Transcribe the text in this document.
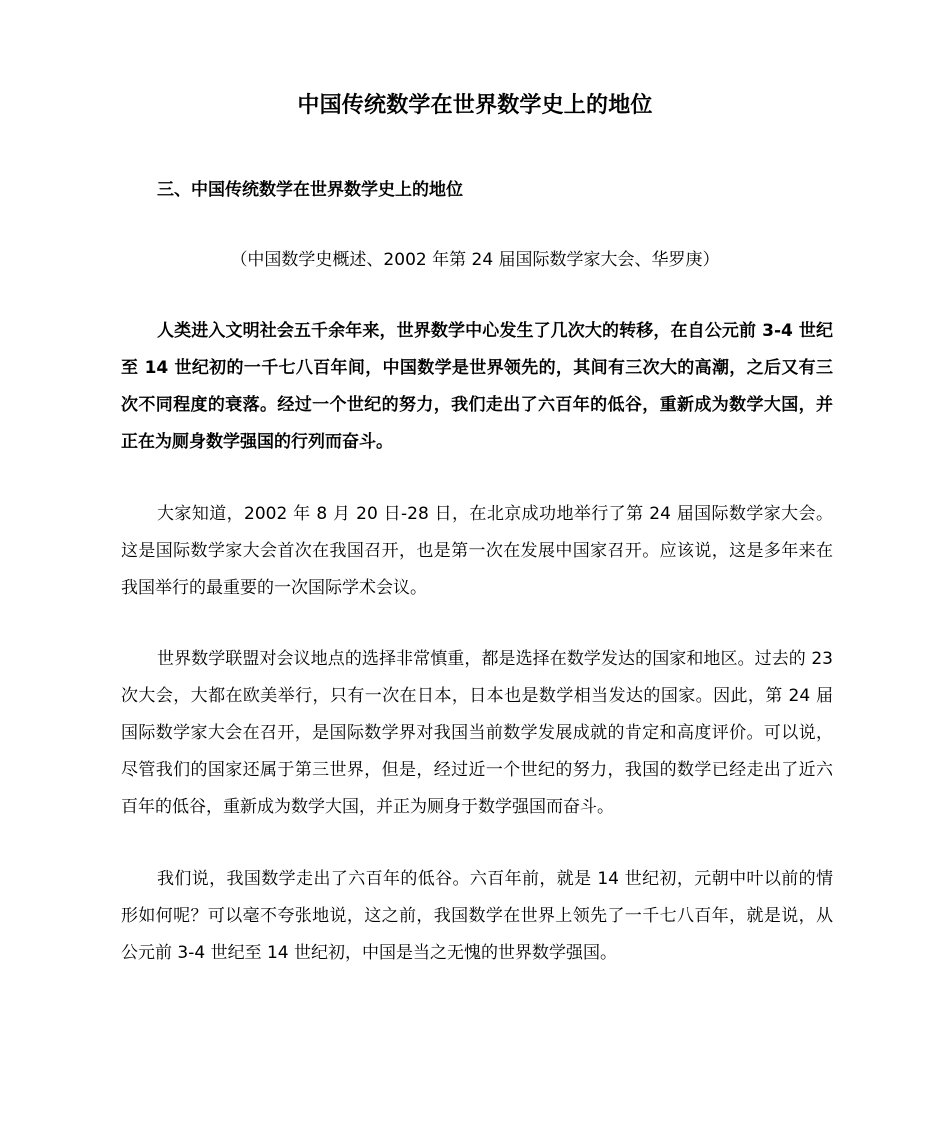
中国传统数学在世界数学史上的地位
三、中国传统数学在世界数学史上的地位

（中国数学史概述、2002 年第 24 届国际数学家大会、华罗庚）

人类进入文明社会五千余年来，世界数学中心发生了几次大的转移，在自公元前 3-4 世纪至 14 世纪初的一千七八百年间，中国数学是世界领先的，其间有三次大的高潮，之后又有三次不同程度的衰落。经过一个世纪的努力，我们走出了六百年的低谷，重新成为数学大国，并正在为厕身数学强国的行列而奋斗。

大家知道，2002 年 8 月 20 日-28 日，在北京成功地举行了第 24 届国际数学家大会。这是国际数学家大会首次在我国召开，也是第一次在发展中国家召开。应该说，这是多年来在我国举行的最重要的一次国际学术会议。

世界数学联盟对会议地点的选择非常慎重，都是选择在数学发达的国家和地区。过去的 23 次大会，大都在欧美举行，只有一次在日本，日本也是数学相当发达的国家。因此，第 24 届国际数学家大会在召开，是国际数学界对我国当前数学发展成就的肯定和高度评价。可以说，尽管我们的国家还属于第三世界，但是，经过近一个世纪的努力，我国的数学已经走出了近六百年的低谷，重新成为数学大国，并正为厕身于数学强国而奋斗。

我们说，我国数学走出了六百年的低谷。六百年前，就是 14 世纪初，元朝中叶以前的情形如何呢？可以毫不夸张地说，这之前，我国数学在世界上领先了一千七八百年，就是说，从公元前 3-4 世纪至 14 世纪初，中国是当之无愧的世界数学强国。
